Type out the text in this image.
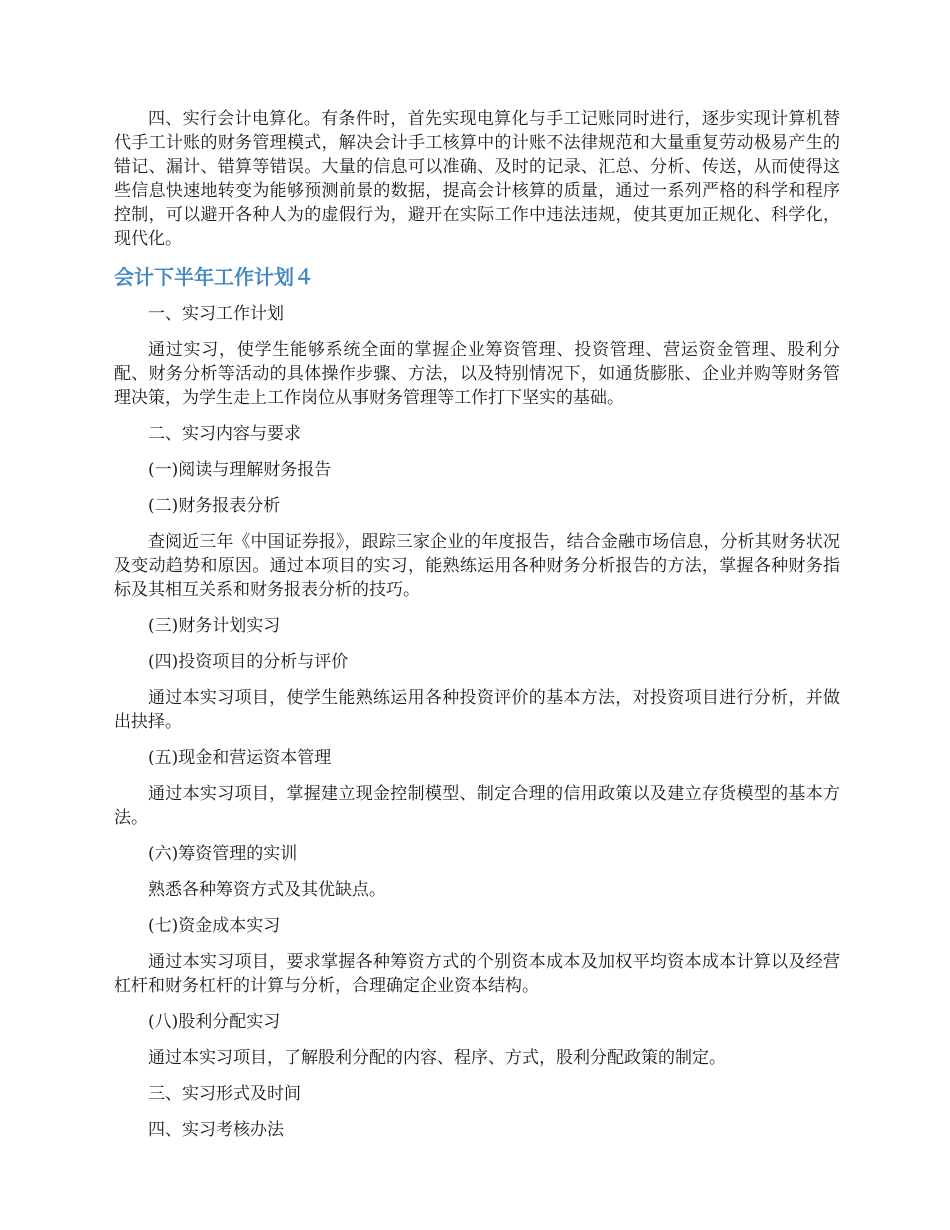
四、实行会计电算化。有条件时，首先实现电算化与手工记账同时进行，逐步实现计算机替代手工计账的财务管理模式，解决会计手工核算中的计账不法律规范和大量重复劳动极易产生的错记、漏计、错算等错误。大量的信息可以准确、及时的记录、汇总、分析、传送，从而使得这些信息快速地转变为能够预测前景的数据，提高会计核算的质量，通过一系列严格的科学和程序控制，可以避开各种人为的虚假行为，避开在实际工作中违法违规，使其更加正规化、科学化，现代化。

会计下半年工作计划４

一、实习工作计划

通过实习，使学生能够系统全面的掌握企业筹资管理、投资管理、营运资金管理、股利分配、财务分析等活动的具体操作步骤、方法，以及特别情况下，如通货膨胀、企业并购等财务管理决策，为学生走上工作岗位从事财务管理等工作打下坚实的基础。

二、实习内容与要求

(一)阅读与理解财务报告

(二)财务报表分析

查阅近三年《中国证券报》，跟踪三家企业的年度报告，结合金融市场信息，分析其财务状况及变动趋势和原因。通过本项目的实习，能熟练运用各种财务分析报告的方法，掌握各种财务指标及其相互关系和财务报表分析的技巧。

(三)财务计划实习

(四)投资项目的分析与评价

通过本实习项目，使学生能熟练运用各种投资评价的基本方法，对投资项目进行分析，并做出抉择。

(五)现金和营运资本管理

通过本实习项目，掌握建立现金控制模型、制定合理的信用政策以及建立存货模型的基本方法。

(六)筹资管理的实训

熟悉各种筹资方式及其优缺点。

(七)资金成本实习

通过本实习项目，要求掌握各种筹资方式的个别资本成本及加权平均资本成本计算以及经营杠杆和财务杠杆的计算与分析，合理确定企业资本结构。

(八)股利分配实习

通过本实习项目，了解股利分配的内容、程序、方式，股利分配政策的制定。

三、实习形式及时间

四、实习考核办法
